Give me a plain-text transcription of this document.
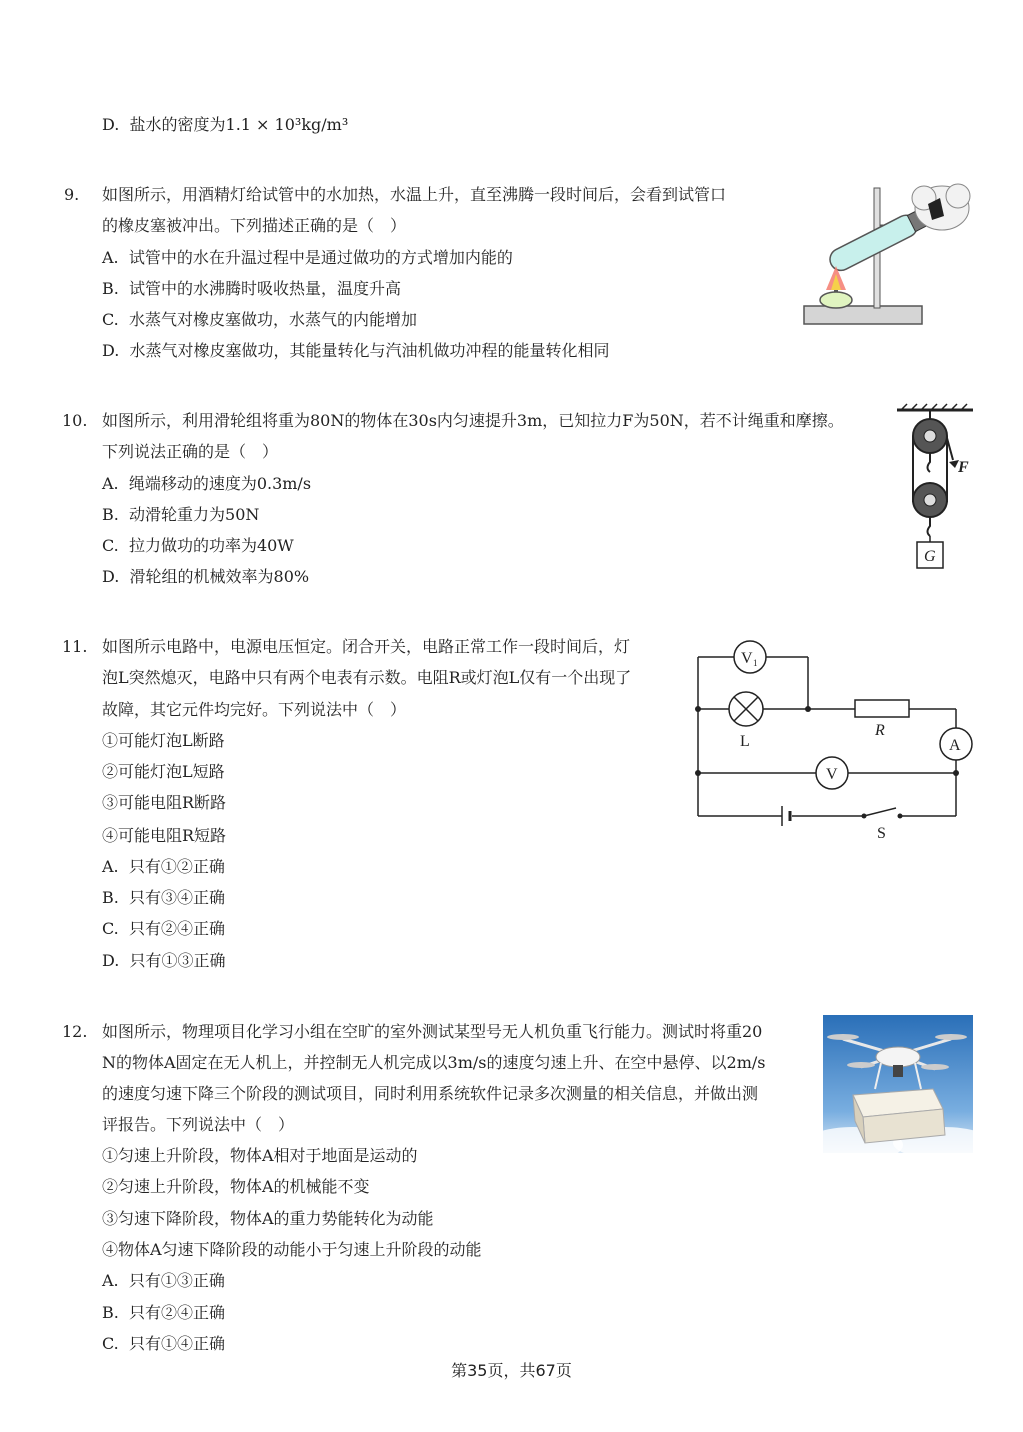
D. 盐水的密度为1.1 × 10³kg/m³
9. 如图所示，用酒精灯给试管中的水加热，水温上升，直至沸腾一段时间后，会看到试管口
的橡皮塞被冲出。下列描述正确的是（　）
A. 试管中的水在升温过程中是通过做功的方式增加内能的
B. 试管中的水沸腾时吸收热量，温度升高
C. 水蒸气对橡皮塞做功，水蒸气的内能增加
D. 水蒸气对橡皮塞做功，其能量转化与汽油机做功冲程的能量转化相同
10. 如图所示，利用滑轮组将重为80N的物体在30s内匀速提升3m，已知拉力F为50N，若不计绳重和摩擦。
下列说法正确的是（　）
A. 绳端移动的速度为0.3m/s
B. 动滑轮重力为50N
C. 拉力做功的功率为40W
D. 滑轮组的机械效率为80%
F
G
11. 如图所示电路中，电源电压恒定。闭合开关，电路正常工作一段时间后，灯
泡L突然熄灭，电路中只有两个电表有示数。电阻R或灯泡L仅有一个出现了
故障，其它元件均完好。下列说法中（　）
①可能灯泡L断路
②可能灯泡L短路
③可能电阻R断路
④可能电阻R短路
A. 只有①②正确
B. 只有③④正确
C. 只有②④正确
D. 只有①③正确
V 1
L
R
A
V
S
12. 如图所示，物理项目化学习小组在空旷的室外测试某型号无人机负重飞行能力。测试时将重20
N的物体A固定在无人机上，并控制无人机完成以3m/s的速度匀速上升、在空中悬停、以2m/s
的速度匀速下降三个阶段的测试项目，同时利用系统软件记录多次测量的相关信息，并做出测
评报告。下列说法中（　）
①匀速上升阶段，物体A相对于地面是运动的
②匀速上升阶段，物体A的机械能不变
③匀速下降阶段，物体A的重力势能转化为动能
④物体A匀速下降阶段的动能小于匀速上升阶段的动能
A. 只有①③正确
B. 只有②④正确
C. 只有①④正确
第35页，共67页
